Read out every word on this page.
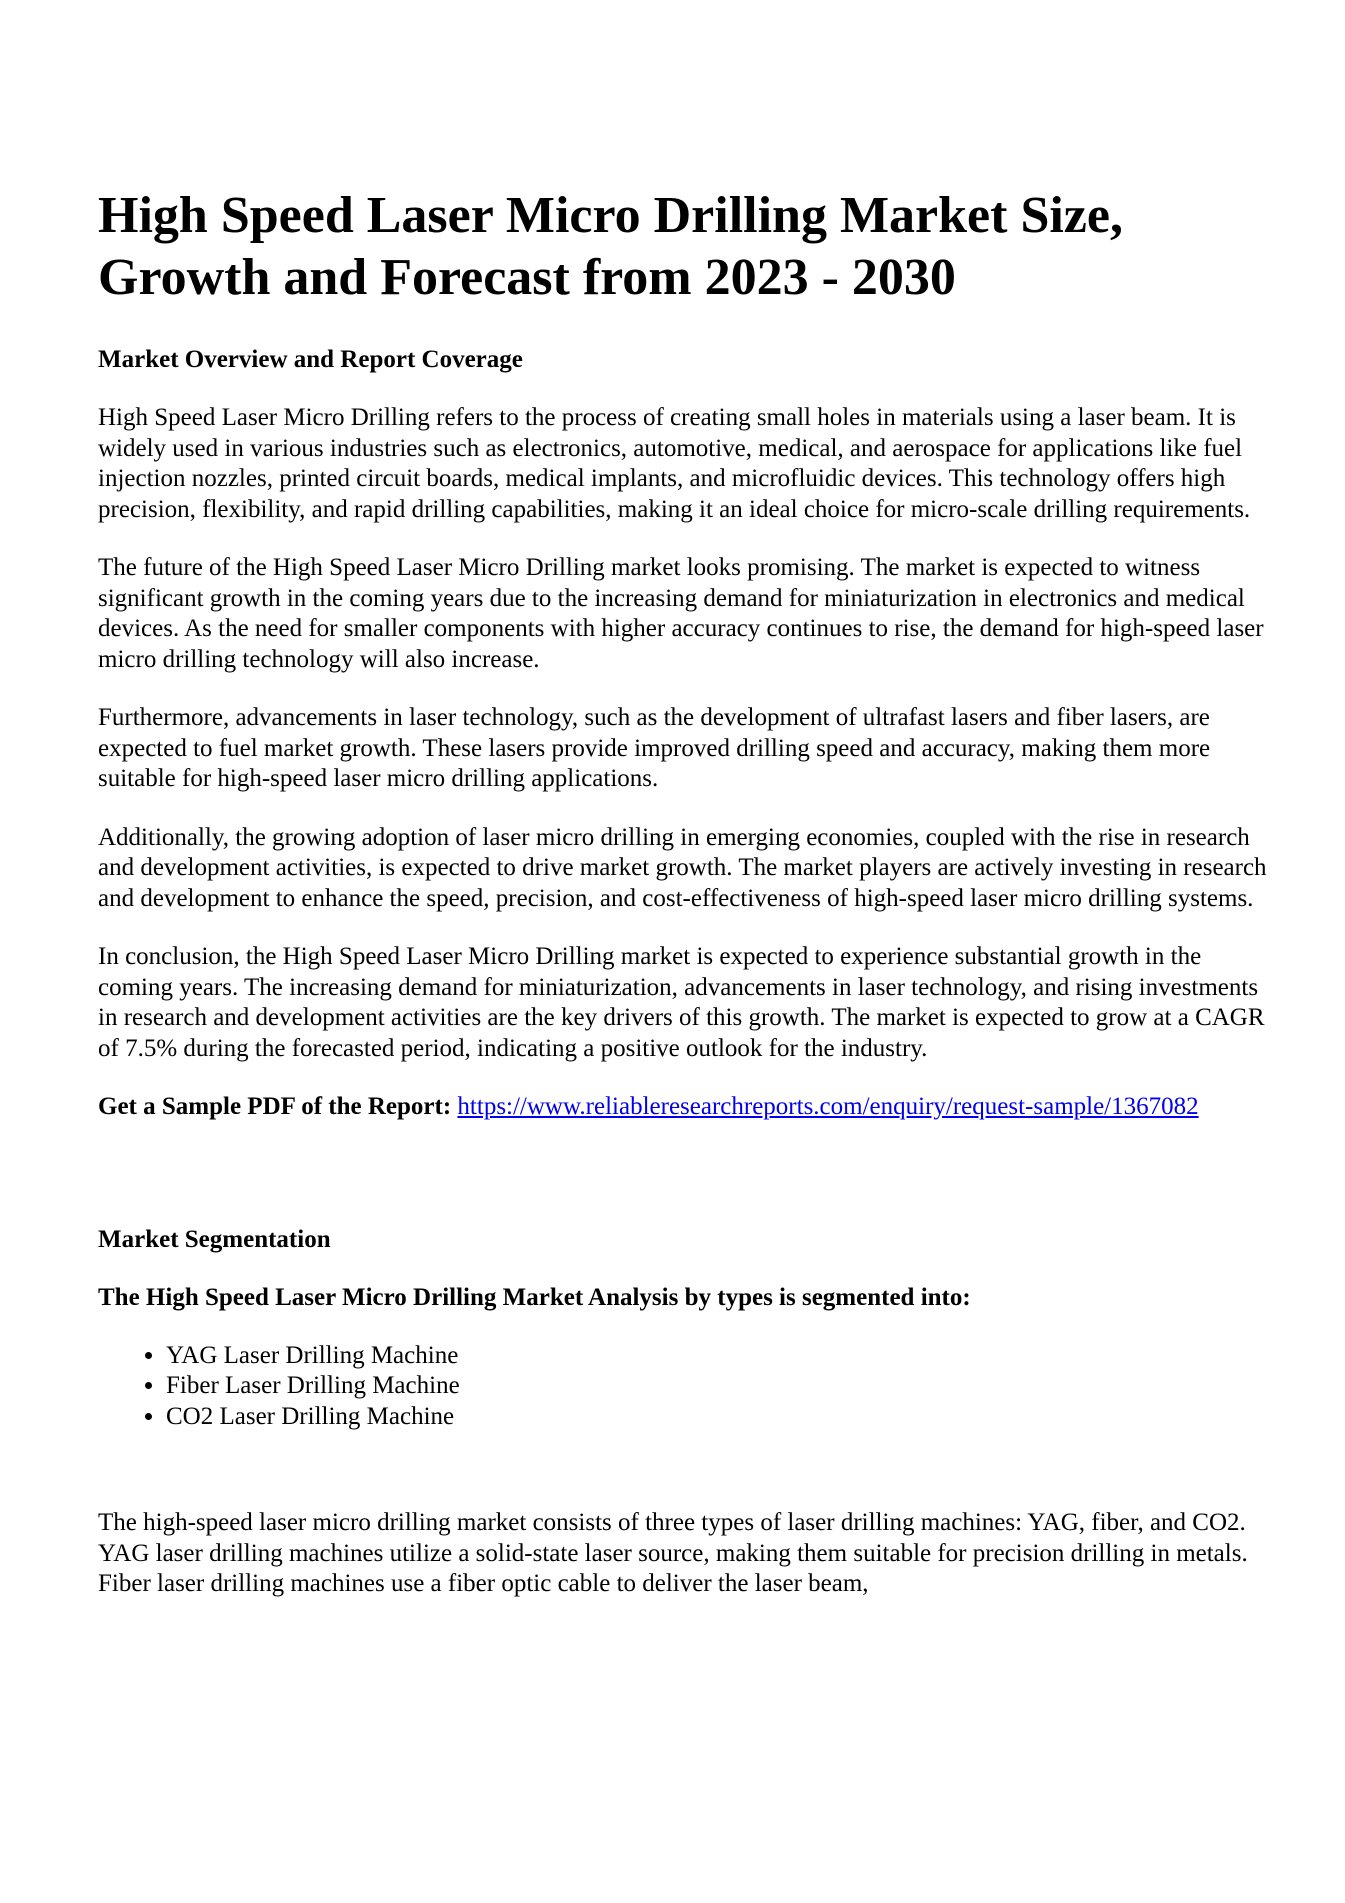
High Speed Laser Micro Drilling Market Size, Growth and Forecast from 2023 - 2030
Market Overview and Report Coverage

High Speed Laser Micro Drilling refers to the process of creating small holes in materials using a laser beam. It is widely used in various industries such as electronics, automotive, medical, and aerospace for applications like fuel injection nozzles, printed circuit boards, medical implants, and microfluidic devices. This technology offers high precision, flexibility, and rapid drilling capabilities, making it an ideal choice for micro-scale drilling requirements.

The future of the High Speed Laser Micro Drilling market looks promising. The market is expected to witness significant growth in the coming years due to the increasing demand for miniaturization in electronics and medical devices. As the need for smaller components with higher accuracy continues to rise, the demand for high-speed laser micro drilling technology will also increase.

Furthermore, advancements in laser technology, such as the development of ultrafast lasers and fiber lasers, are expected to fuel market growth. These lasers provide improved drilling speed and accuracy, making them more suitable for high-speed laser micro drilling applications.

Additionally, the growing adoption of laser micro drilling in emerging economies, coupled with the rise in research and development activities, is expected to drive market growth. The market players are actively investing in research and development to enhance the speed, precision, and cost-effectiveness of high-speed laser micro drilling systems.

In conclusion, the High Speed Laser Micro Drilling market is expected to experience substantial growth in the coming years. The increasing demand for miniaturization, advancements in laser technology, and rising investments in research and development activities are the key drivers of this growth. The market is expected to grow at a CAGR of 7.5% during the forecasted period, indicating a positive outlook for the industry.

Get a Sample PDF of the Report: https://www.reliableresearchreports.com/enquiry/request-sample/1367082

Market Segmentation
The High Speed Laser Micro Drilling Market Analysis by types is segmented into:
• YAG Laser Drilling Machine
• Fiber Laser Drilling Machine
• CO2 Laser Drilling Machine

The high-speed laser micro drilling market consists of three types of laser drilling machines: YAG, fiber, and CO2. YAG laser drilling machines utilize a solid-state laser source, making them suitable for precision drilling in metals. Fiber laser drilling machines use a fiber optic cable to deliver the laser beam,
